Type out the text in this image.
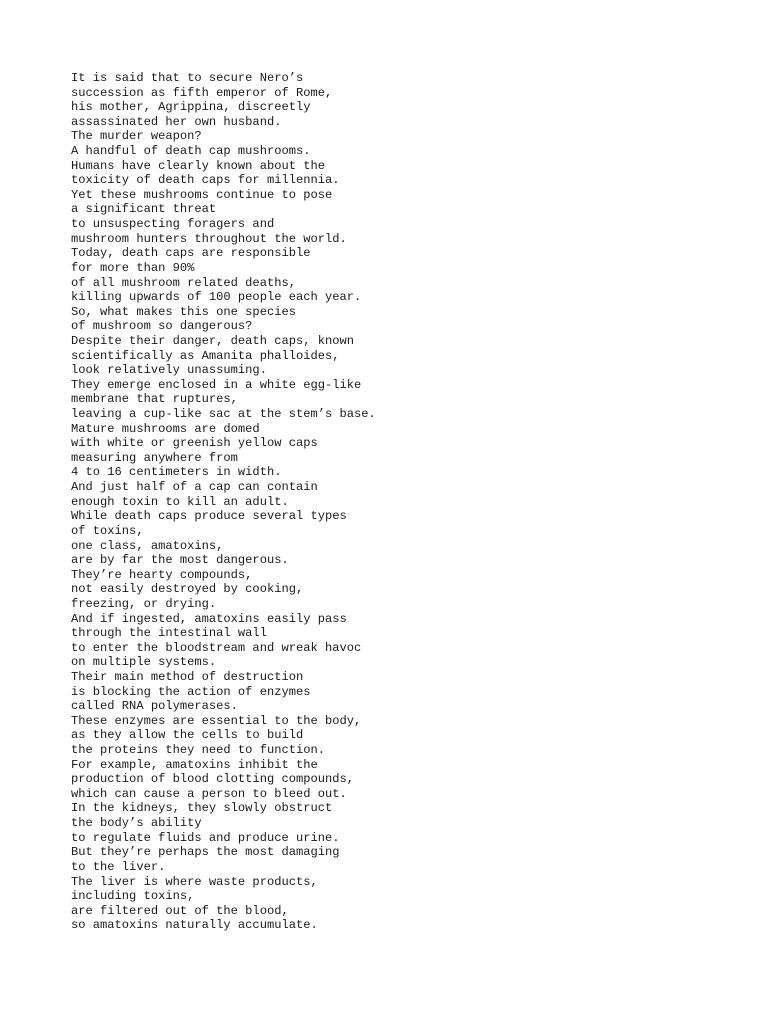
It is said that to secure Nero’s
succession as fifth emperor of Rome,
his mother, Agrippina, discreetly
assassinated her own husband.
The murder weapon?
A handful of death cap mushrooms.
Humans have clearly known about the
toxicity of death caps for millennia.
Yet these mushrooms continue to pose
a significant threat
to unsuspecting foragers and
mushroom hunters throughout the world.
Today, death caps are responsible
for more than 90%
of all mushroom related deaths,
killing upwards of 100 people each year.
So, what makes this one species
of mushroom so dangerous?
Despite their danger, death caps, known
scientifically as Amanita phalloides,
look relatively unassuming.
They emerge enclosed in a white egg-like
membrane that ruptures,
leaving a cup-like sac at the stem’s base.
Mature mushrooms are domed
with white or greenish yellow caps
measuring anywhere from
4 to 16 centimeters in width.
And just half of a cap can contain
enough toxin to kill an adult.
While death caps produce several types
of toxins,
one class, amatoxins,
are by far the most dangerous.
They’re hearty compounds,
not easily destroyed by cooking,
freezing, or drying.
And if ingested, amatoxins easily pass
through the intestinal wall
to enter the bloodstream and wreak havoc
on multiple systems.
Their main method of destruction
is blocking the action of enzymes
called RNA polymerases.
These enzymes are essential to the body,
as they allow the cells to build
the proteins they need to function.
For example, amatoxins inhibit the
production of blood clotting compounds,
which can cause a person to bleed out.
In the kidneys, they slowly obstruct
the body’s ability
to regulate fluids and produce urine.
But they’re perhaps the most damaging
to the liver.
The liver is where waste products,
including toxins,
are filtered out of the blood,
so amatoxins naturally accumulate.
